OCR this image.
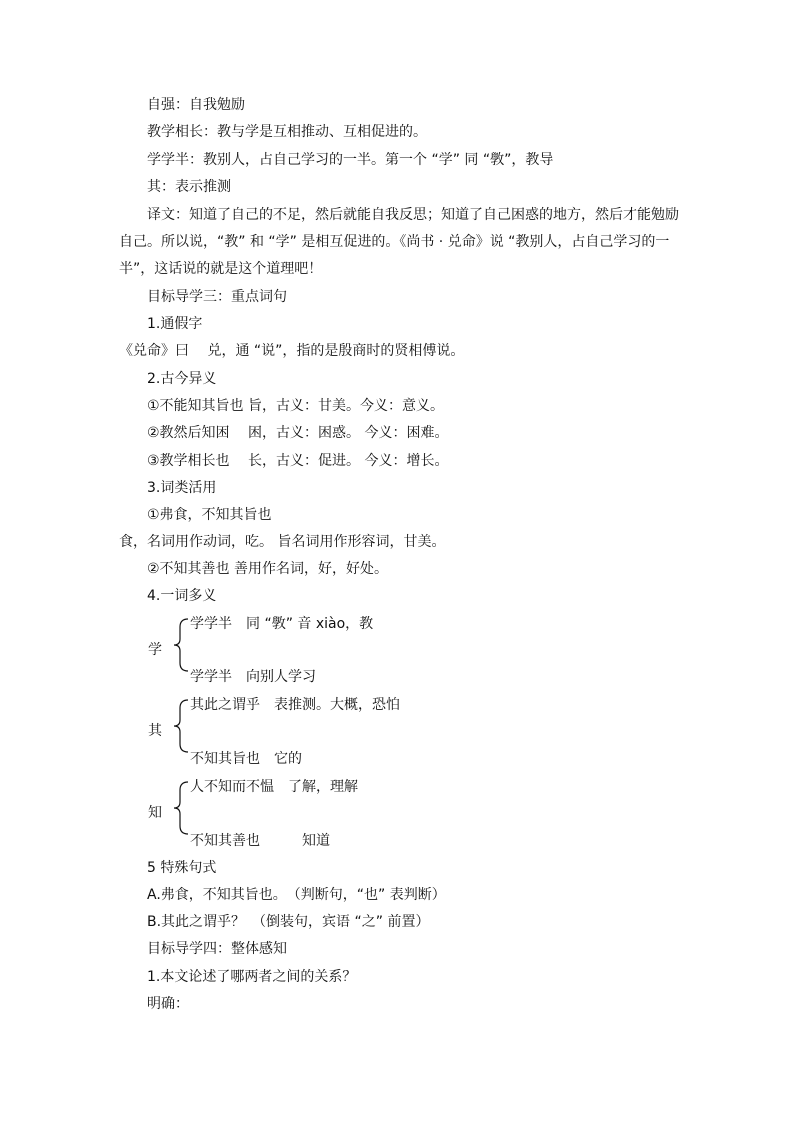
自强：自我勉励
教学相长：教与学是互相推动、互相促进的。
学学半：教别人，占自己学习的一半。第一个 “学” 同 “斆”，教导
其：表示推测
译文：知道了自己的不足，然后就能自我反思；知道了自己困惑的地方，然后才能勉励
自己。所以说，“教” 和 “学” 是相互促进的。《尚书 · 兑命》说 “教别人，占自己学习的一
半”，这话说的就是这个道理吧！
目标导学三：重点词句
1.通假字
《兑命》曰　 兑，通 “说”，指的是殷商时的贤相傅说。
2.古今异义
①不能知其旨也 旨，古义：甘美。今义：意义。
②教然后知困　 困，古义：困惑。 今义：困难。
③教学相长也　 长，古义：促进。 今义：增长。
3.词类活用
①弗食，不知其旨也
食，名词用作动词，吃。 旨名词用作形容词，甘美。
②不知其善也 善用作名词，好，好处。
4.一词多义
学
学学半　同 “斆” 音 xiào，教
学学半　向别人学习
其
其此之谓乎　表推测。大概，恐怕
不知其旨也　它的
知
人不知而不愠　了解，理解
不知其善也　　　知道
5 特殊句式
A.弗食，不知其旨也。　（判断句，“也” 表判断）
B.其此之谓乎？　（倒装句，宾语 “之” 前置）
目标导学四：整体感知
1.本文论述了哪两者之间的关系？
明确：
